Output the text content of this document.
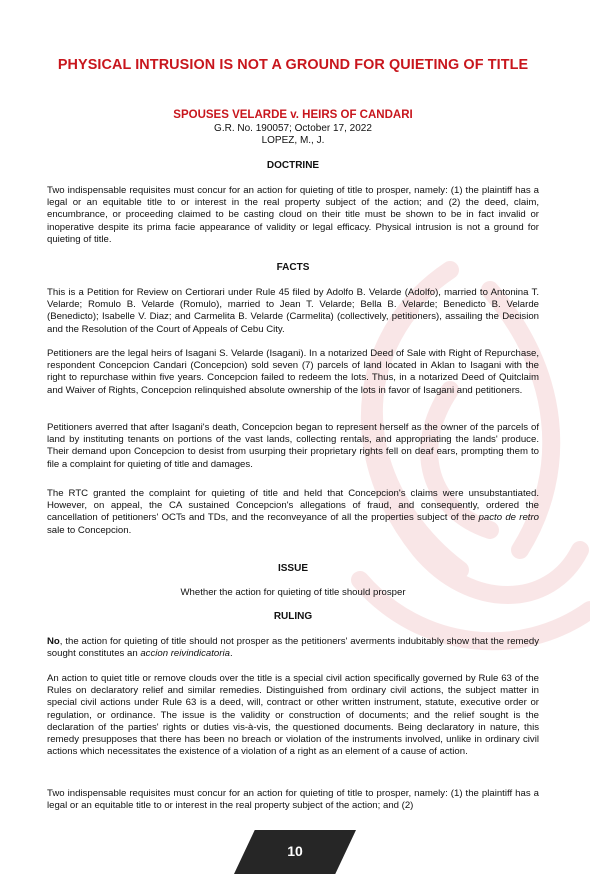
PHYSICAL INTRUSION IS NOT A GROUND FOR QUIETING OF TITLE
SPOUSES VELARDE v. HEIRS OF CANDARI
G.R. No. 190057; October 17, 2022
LOPEZ, M., J.
DOCTRINE

Two indispensable requisites must concur for an action for quieting of title to prosper, namely: (1) the plaintiff has a legal or an equitable title to or interest in the real property subject of the action; and (2) the deed, claim, encumbrance, or proceeding claimed to be casting cloud on their title must be shown to be in fact invalid or inoperative despite its prima facie appearance of validity or legal efficacy. Physical intrusion is not a ground for quieting of title.

FACTS

This is a Petition for Review on Certiorari under Rule 45 filed by Adolfo B. Velarde (Adolfo), married to Antonina T. Velarde; Romulo B. Velarde (Romulo), married to Jean T. Velarde; Bella B. Velarde; Benedicto B. Velarde (Benedicto); Isabelle V. Diaz; and Carmelita B. Velarde (Carmelita) (collectively, petitioners), assailing the Decision and the Resolution of the Court of Appeals of Cebu City.

Petitioners are the legal heirs of Isagani S. Velarde (Isagani). In a notarized Deed of Sale with Right of Repurchase, respondent Concepcion Candari (Concepcion) sold seven (7) parcels of land located in Aklan to Isagani with the right to repurchase within five years. Concepcion failed to redeem the lots. Thus, in a notarized Deed of Quitclaim and Waiver of Rights, Concepcion relinquished absolute ownership of the lots in favor of Isagani and petitioners.

Petitioners averred that after Isagani's death, Concepcion began to represent herself as the owner of the parcels of land by instituting tenants on portions of the vast lands, collecting rentals, and appropriating the lands' produce. Their demand upon Concepcion to desist from usurping their proprietary rights fell on deaf ears, prompting them to file a complaint for quieting of title and damages.

The RTC granted the complaint for quieting of title and held that Concepcion's claims were unsubstantiated. However, on appeal, the CA sustained Concepcion's allegations of fraud, and consequently, ordered the cancellation of petitioners' OCTs and TDs, and the reconveyance of all the properties subject of the pacto de retro sale to Concepcion.

ISSUE

Whether the action for quieting of title should prosper

RULING

No, the action for quieting of title should not prosper as the petitioners' averments indubitably show that the remedy sought constitutes an accion reivindicatoria.

An action to quiet title or remove clouds over the title is a special civil action specifically governed by Rule 63 of the Rules on declaratory relief and similar remedies. Distinguished from ordinary civil actions, the subject matter in special civil actions under Rule 63 is a deed, will, contract or other written instrument, statute, executive order or regulation, or ordinance. The issue is the validity or construction of documents; and the relief sought is the declaration of the parties' rights or duties vis-à-vis, the questioned documents. Being declaratory in nature, this remedy presupposes that there has been no breach or violation of the instruments involved, unlike in ordinary civil actions which necessitates the existence of a violation of a right as an element of a cause of action.

Two indispensable requisites must concur for an action for quieting of title to prosper, namely: (1) the plaintiff has a legal or an equitable title to or interest in the real property subject of the action; and (2)

10
